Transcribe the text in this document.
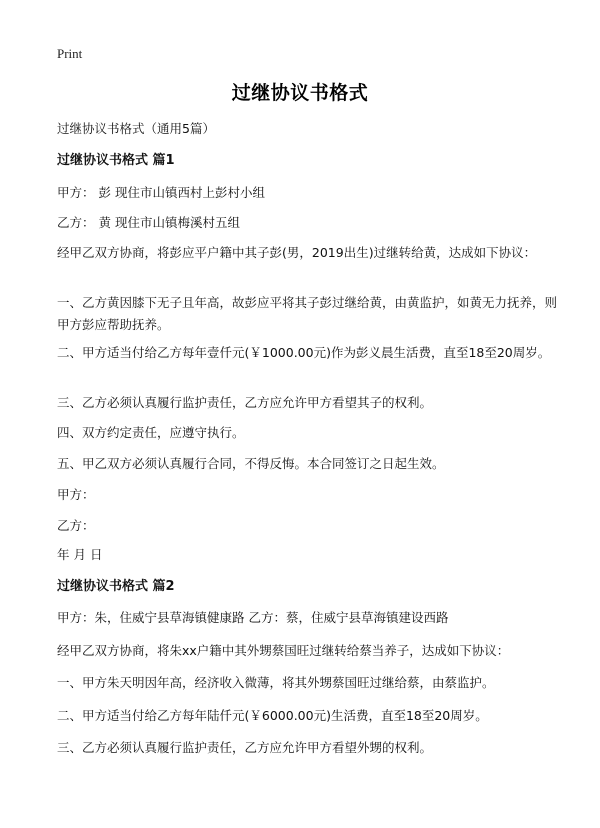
Print
过继协议书格式
过继协议书格式（通用5篇）
过继协议书格式 篇1
甲方： 彭 现住市山镇西村上彭村小组
乙方： 黄 现住市山镇梅溪村五组
经甲乙双方协商，将彭应平户籍中其子彭(男，2019出生)过继转给黄，达成如下协议：
一、乙方黄因膝下无子且年高，故彭应平将其子彭过继给黄，由黄监护，如黄无力抚养，则甲方彭应帮助抚养。
二、甲方适当付给乙方每年壹仟元(￥1000.00元)作为彭义晨生活费，直至18至20周岁。
三、乙方必须认真履行监护责任，乙方应允许甲方看望其子的权利。
四、双方约定责任，应遵守执行。
五、甲乙双方必须认真履行合同，不得反悔。本合同签订之日起生效。
甲方：
乙方：
年 月 日
过继协议书格式 篇2
甲方：朱，住威宁县草海镇健康路 乙方：蔡，住威宁县草海镇建设西路
经甲乙双方协商，将朱xx户籍中其外甥蔡国旺过继转给蔡当养子，达成如下协议：
一、甲方朱天明因年高，经济收入微薄，将其外甥蔡国旺过继给蔡，由蔡监护。
二、甲方适当付给乙方每年陆仟元(￥6000.00元)生活费，直至18至20周岁。
三、乙方必须认真履行监护责任，乙方应允许甲方看望外甥的权利。
